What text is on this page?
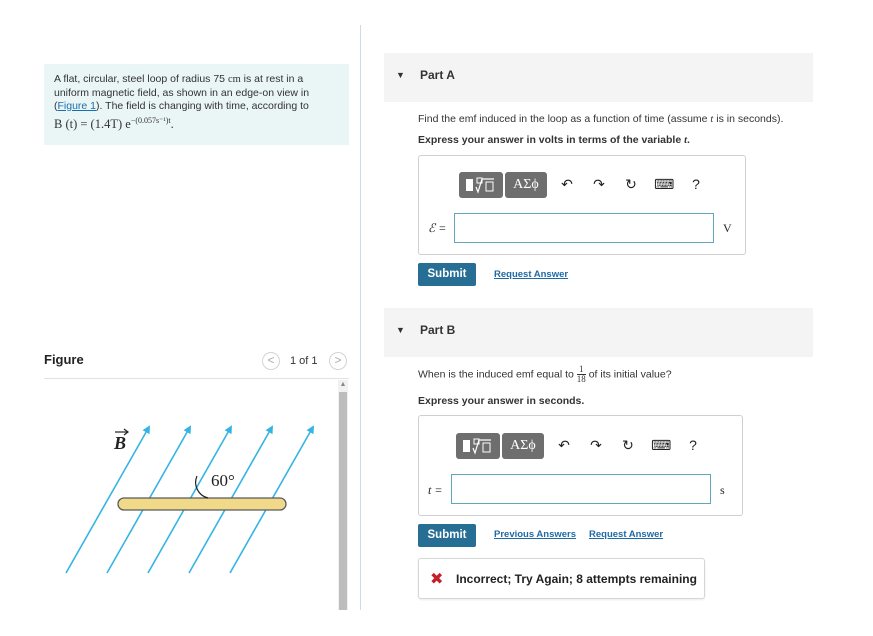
A flat, circular, steel loop of radius 75 cm is at rest in a uniform magnetic field, as shown in an edge-on view in (Figure 1). The field is changing with time, according to
B (t) = (1.4T) $e^{-(0.057s^{-1})t}$.
Figure	<	1 of 1	>
▲
60°
B
▼ Part A
Find the emf induced in the loop as a function of time (assume t is in seconds).
Express your answer in volts in terms of the variable t.
ΑΣϕ	↶ ↷ ↻ ⌨	?
ℰ =	V
Submit	Request Answer
▼ Part B
When is the induced emf equal to $\frac{1}{18}$ of its initial value?
Express your answer in seconds.
ΑΣϕ	↶ ↷ ↻ ⌨	?
t =	s
Submit	Previous Answers Request Answer
✖ Incorrect; Try Again; 8 attempts remaining
